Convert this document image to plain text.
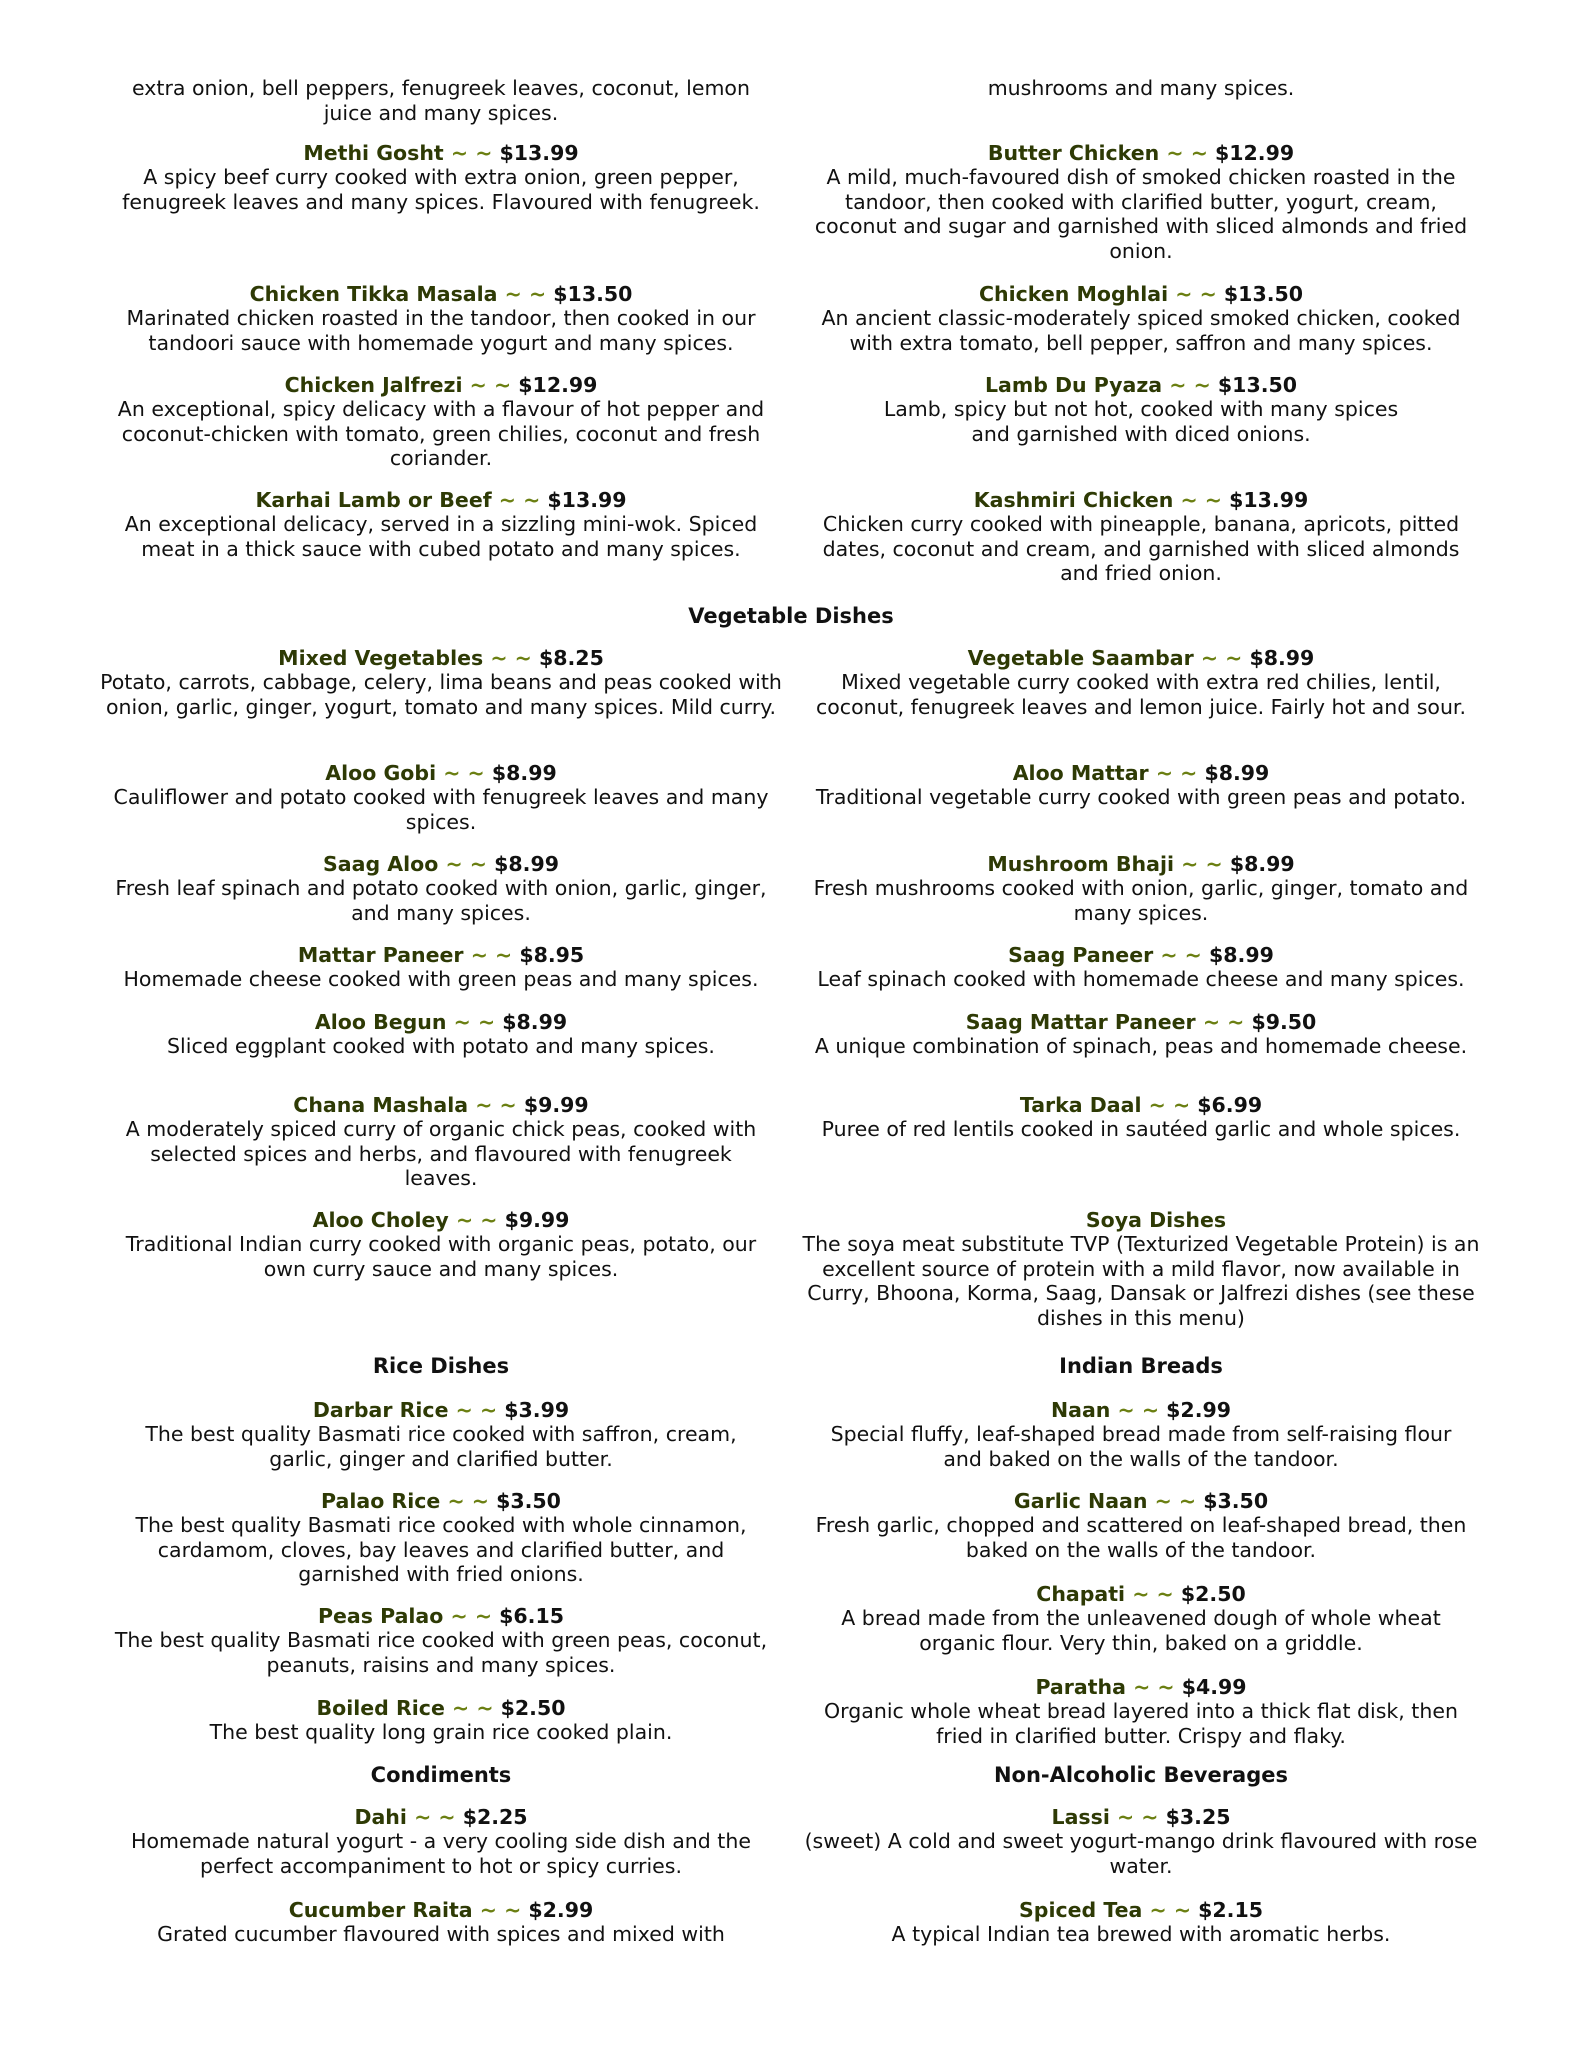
extra onion, bell peppers, fenugreek leaves, coconut, lemon juice and many spices.
Methi Gosht ~ ~ $13.99
A spicy beef curry cooked with extra onion, green pepper, fenugreek leaves and many spices. Flavoured with fenugreek.
Chicken Tikka Masala ~ ~ $13.50
Marinated chicken roasted in the tandoor, then cooked in our tandoori sauce with homemade yogurt and many spices.
Chicken Jalfrezi ~ ~ $12.99
An exceptional, spicy delicacy with a flavour of hot pepper and coconut-chicken with tomato, green chilies, coconut and fresh coriander.
Karhai Lamb or Beef ~ ~ $13.99
An exceptional delicacy, served in a sizzling mini-wok. Spiced meat in a thick sauce with cubed potato and many spices.
Mixed Vegetables ~ ~ $8.25
Potato, carrots, cabbage, celery, lima beans and peas cooked with onion, garlic, ginger, yogurt, tomato and many spices. Mild curry.
Aloo Gobi ~ ~ $8.99
Cauliflower and potato cooked with fenugreek leaves and many spices.
Saag Aloo ~ ~ $8.99
Fresh leaf spinach and potato cooked with onion, garlic, ginger, and many spices.
Mattar Paneer ~ ~ $8.95
Homemade cheese cooked with green peas and many spices.
Aloo Begun ~ ~ $8.99
Sliced eggplant cooked with potato and many spices.
Chana Mashala ~ ~ $9.99
A moderately spiced curry of organic chick peas, cooked with selected spices and herbs, and flavoured with fenugreek leaves.
Aloo Choley ~ ~ $9.99
Traditional Indian curry cooked with organic peas, potato, our own curry sauce and many spices.
Darbar Rice ~ ~ $3.99
The best quality Basmati rice cooked with saffron, cream, garlic, ginger and clarified butter.
Palao Rice ~ ~ $3.50
The best quality Basmati rice cooked with whole cinnamon, cardamom, cloves, bay leaves and clarified butter, and garnished with fried onions.
Peas Palao ~ ~ $6.15
The best quality Basmati rice cooked with green peas, coconut, peanuts, raisins and many spices.
Boiled Rice ~ ~ $2.50
The best quality long grain rice cooked plain.
Dahi ~ ~ $2.25
Homemade natural yogurt - a very cooling side dish and the perfect accompaniment to hot or spicy curries.
Cucumber Raita ~ ~ $2.99
Grated cucumber flavoured with spices and mixed with
mushrooms and many spices.
Butter Chicken ~ ~ $12.99
A mild, much-favoured dish of smoked chicken roasted in the tandoor, then cooked with clarified butter, yogurt, cream, coconut and sugar and garnished with sliced almonds and fried onion.
Chicken Moghlai ~ ~ $13.50
An ancient classic-moderately spiced smoked chicken, cooked with extra tomato, bell pepper, saffron and many spices.
Lamb Du Pyaza ~ ~ $13.50
Lamb, spicy but not hot, cooked with many spices and garnished with diced onions.
Kashmiri Chicken ~ ~ $13.99
Chicken curry cooked with pineapple, banana, apricots, pitted dates, coconut and cream, and garnished with sliced almonds and fried onion.
Vegetable Saambar ~ ~ $8.99
Mixed vegetable curry cooked with extra red chilies, lentil, coconut, fenugreek leaves and lemon juice. Fairly hot and sour.
Aloo Mattar ~ ~ $8.99
Traditional vegetable curry cooked with green peas and potato.
Mushroom Bhaji ~ ~ $8.99
Fresh mushrooms cooked with onion, garlic, ginger, tomato and many spices.
Saag Paneer ~ ~ $8.99
Leaf spinach cooked with homemade cheese and many spices.
Saag Mattar Paneer ~ ~ $9.50
A unique combination of spinach, peas and homemade cheese.
Tarka Daal ~ ~ $6.99
Puree of red lentils cooked in sautéed garlic and whole spices.
Soya Dishes
The soya meat substitute TVP (Texturized Vegetable Protein) is an excellent source of protein with a mild flavor, now available in Curry, Bhoona, Korma, Saag, Dansak or Jalfrezi dishes (see these dishes in this menu)
Naan ~ ~ $2.99
Special fluffy, leaf-shaped bread made from self-raising flour and baked on the walls of the tandoor.
Garlic Naan ~ ~ $3.50
Fresh garlic, chopped and scattered on leaf-shaped bread, then baked on the walls of the tandoor.
Chapati ~ ~ $2.50
A bread made from the unleavened dough of whole wheat organic flour. Very thin, baked on a griddle.
Paratha ~ ~ $4.99
Organic whole wheat bread layered into a thick flat disk, then fried in clarified butter. Crispy and flaky.
Lassi ~ ~ $3.25
(sweet) A cold and sweet yogurt-mango drink flavoured with rose water.
Spiced Tea ~ ~ $2.15
A typical Indian tea brewed with aromatic herbs.
Vegetable Dishes
Rice Dishes	Indian Breads
Condiments	Non-Alcoholic Beverages
